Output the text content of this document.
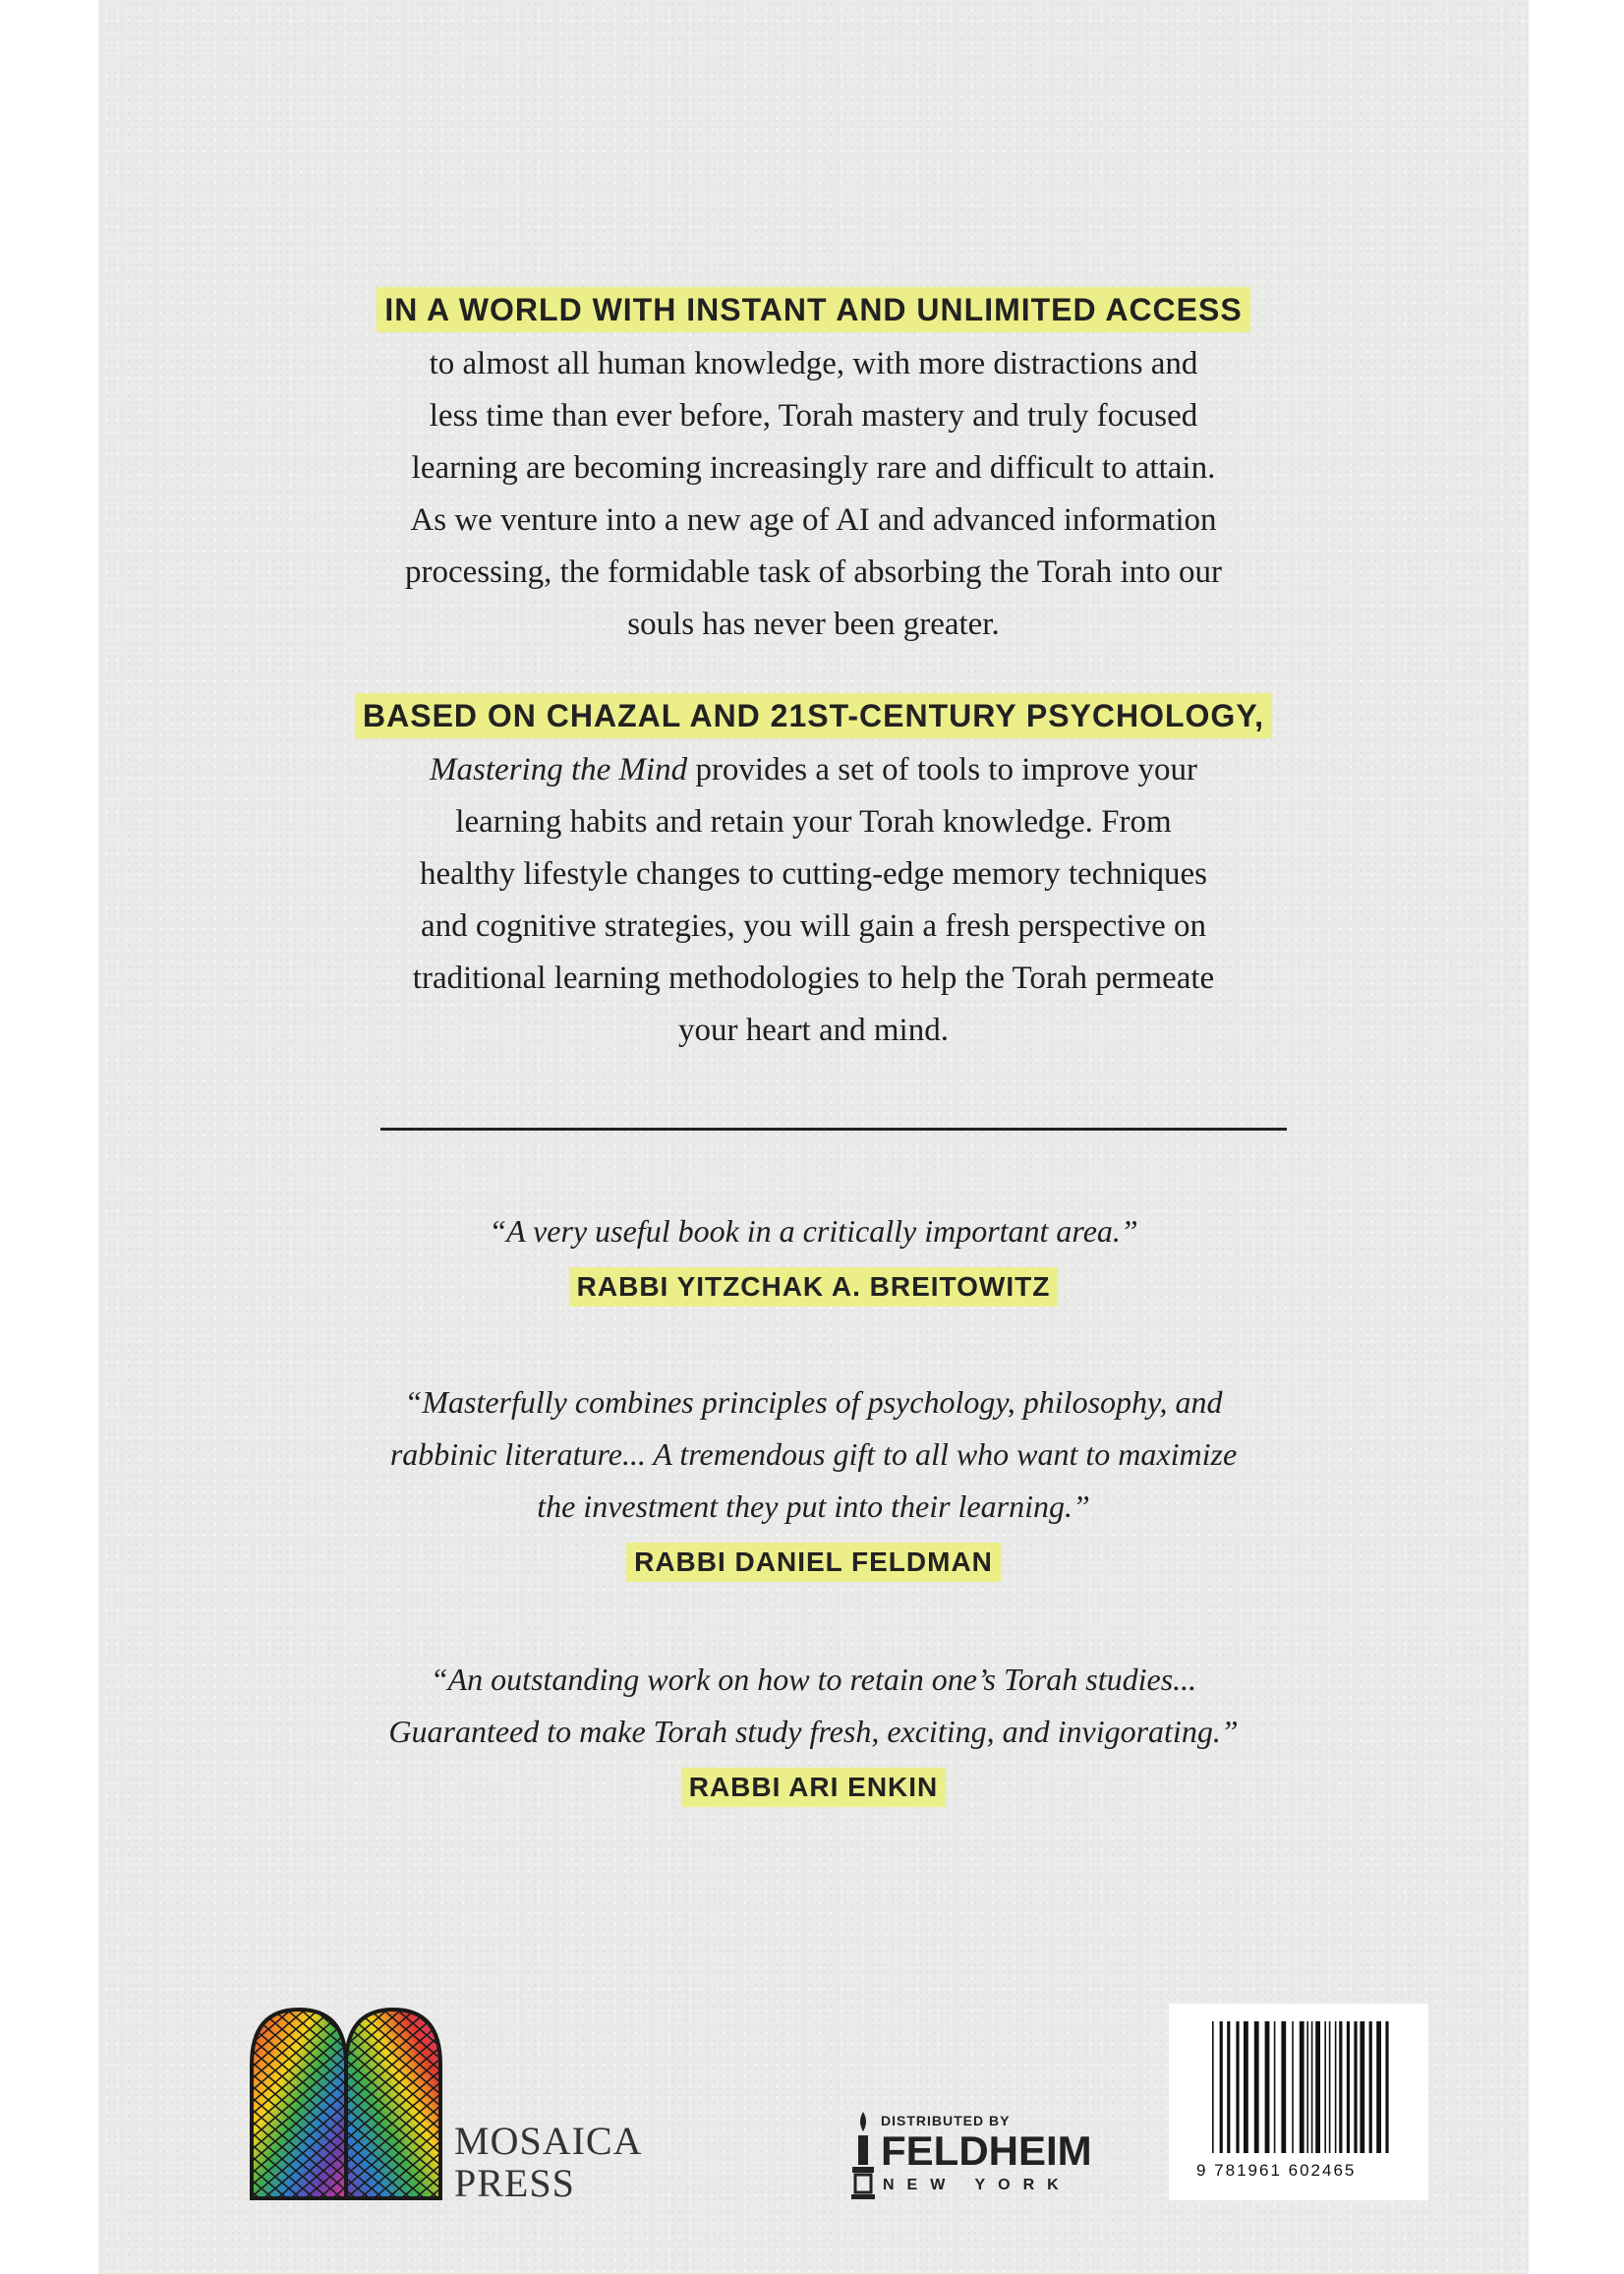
IN A WORLD WITH INSTANT AND UNLIMITED ACCESS
to almost all human knowledge, with more distractions and
less time than ever before, Torah mastery and truly focused
learning are becoming increasingly rare and difficult to attain.
As we venture into a new age of AI and advanced information
processing, the formidable task of absorbing the Torah into our
souls has never been greater.
BASED ON CHAZAL AND 21ST-CENTURY PSYCHOLOGY,
Mastering the Mind provides a set of tools to improve your
learning habits and retain your Torah knowledge. From
healthy lifestyle changes to cutting-edge memory techniques
and cognitive strategies, you will gain a fresh perspective on
traditional learning methodologies to help the Torah permeate
your heart and mind.
“A very useful book in a critically important area.”
RABBI YITZCHAK A. BREITOWITZ
“Masterfully combines principles of psychology, philosophy, and
rabbinic literature... A tremendous gift to all who want to maximize
the investment they put into their learning.”
RABBI DANIEL FELDMAN
“An outstanding work on how to retain one’s Torah studies...
Guaranteed to make Torah study fresh, exciting, and invigorating.”
RABBI ARI ENKIN
MOSAICA
PRESS
DISTRIBUTED BY
FELDHEIM
NEW YORK
9 781961 602465
